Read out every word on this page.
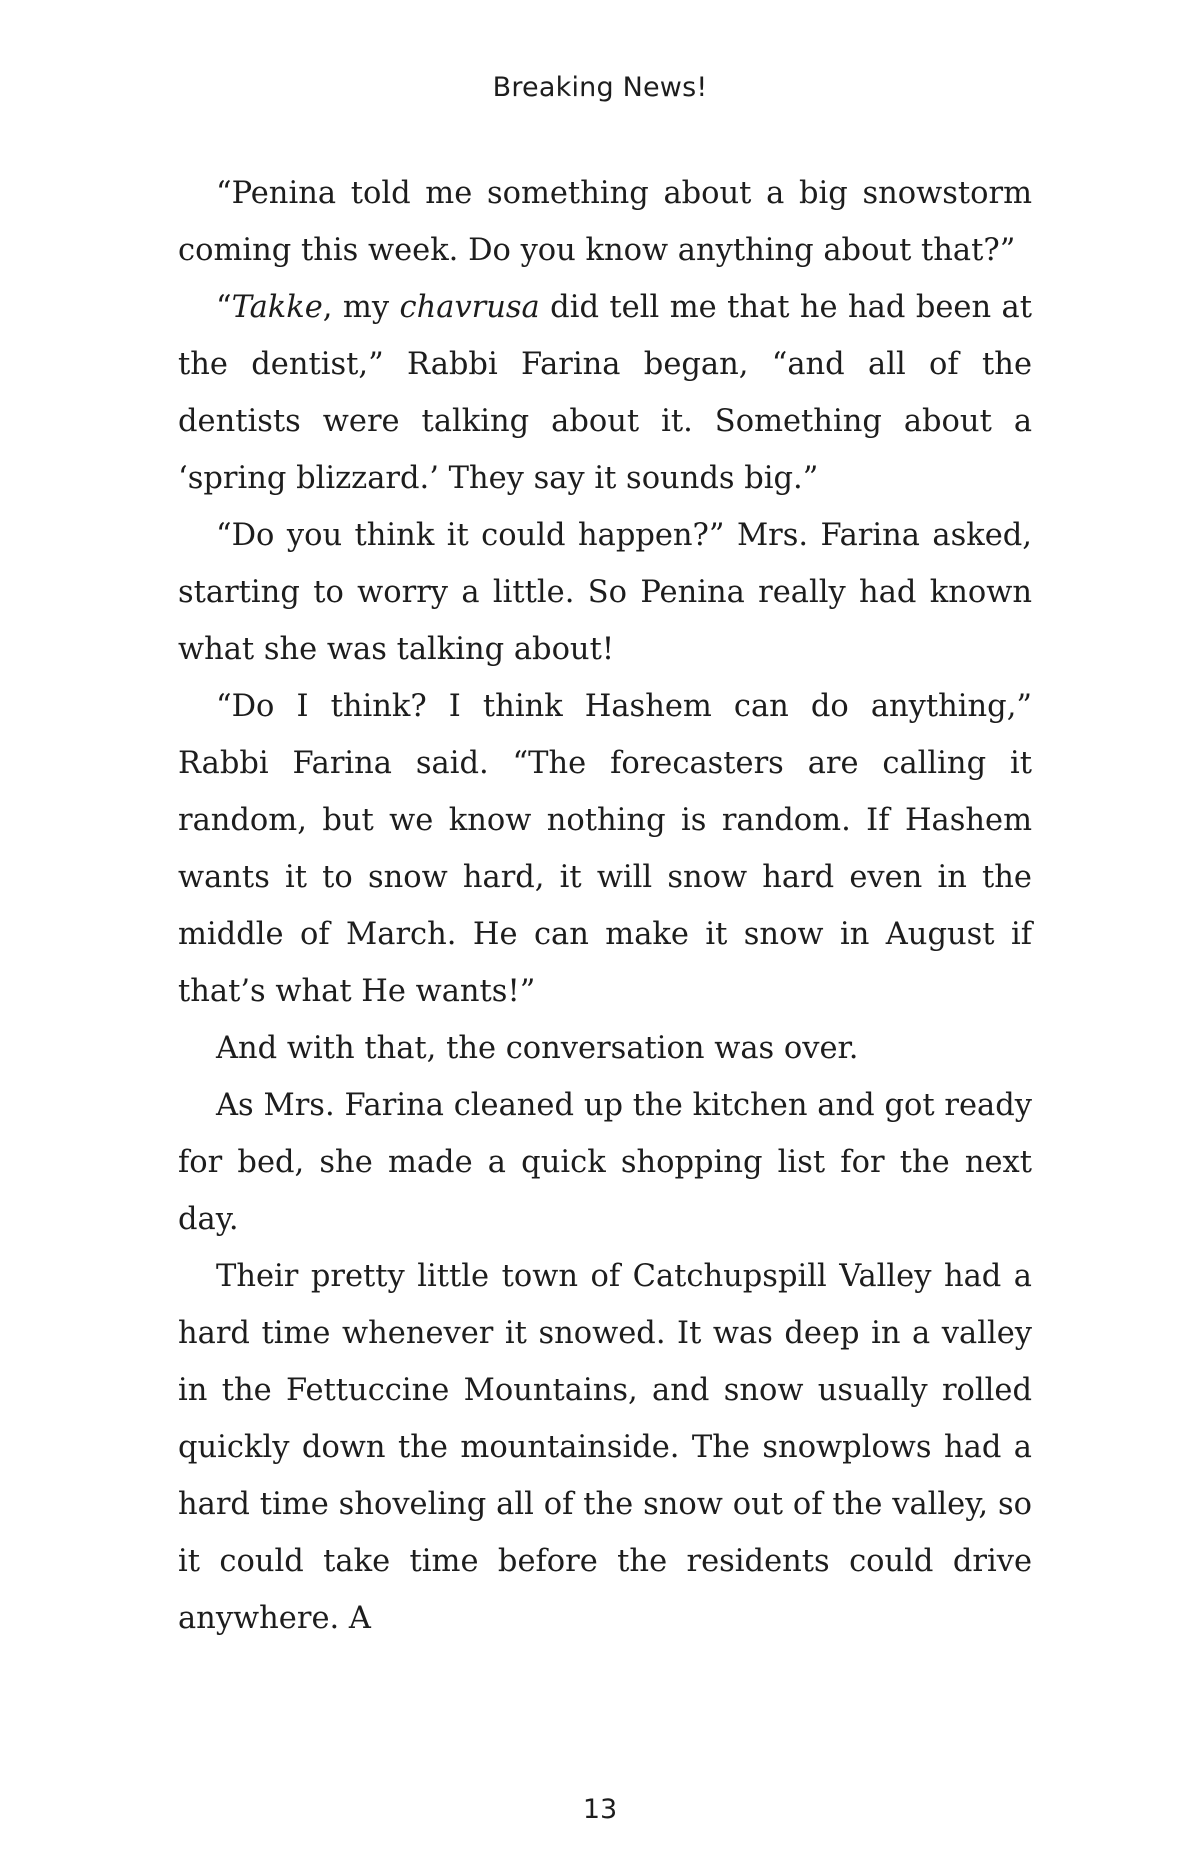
Breaking News!

“Penina told me something about a big snowstorm coming this week. Do you know anything about that?”

“Takke, my chavrusa did tell me that he had been at the dentist,” Rabbi Farina began, “and all of the dentists were talking about it. Something about a ‘spring blizzard.’ They say it sounds big.”

“Do you think it could happen?” Mrs. Farina asked, starting to worry a little. So Penina really had known what she was talking about!

“Do I think? I think Hashem can do anything,” Rabbi Farina said. “The forecasters are calling it random, but we know nothing is random. If Hashem wants it to snow hard, it will snow hard even in the middle of March. He can make it snow in August if that’s what He wants!”

And with that, the conversation was over.

As Mrs. Farina cleaned up the kitchen and got ready for bed, she made a quick shopping list for the next day.

Their pretty little town of Catchupspill Valley had a hard time whenever it snowed. It was deep in a valley in the Fettuccine Mountains, and snow usually rolled quickly down the mountainside. The snowplows had a hard time shoveling all of the snow out of the valley, so it could take time before the residents could drive anywhere. A

13
